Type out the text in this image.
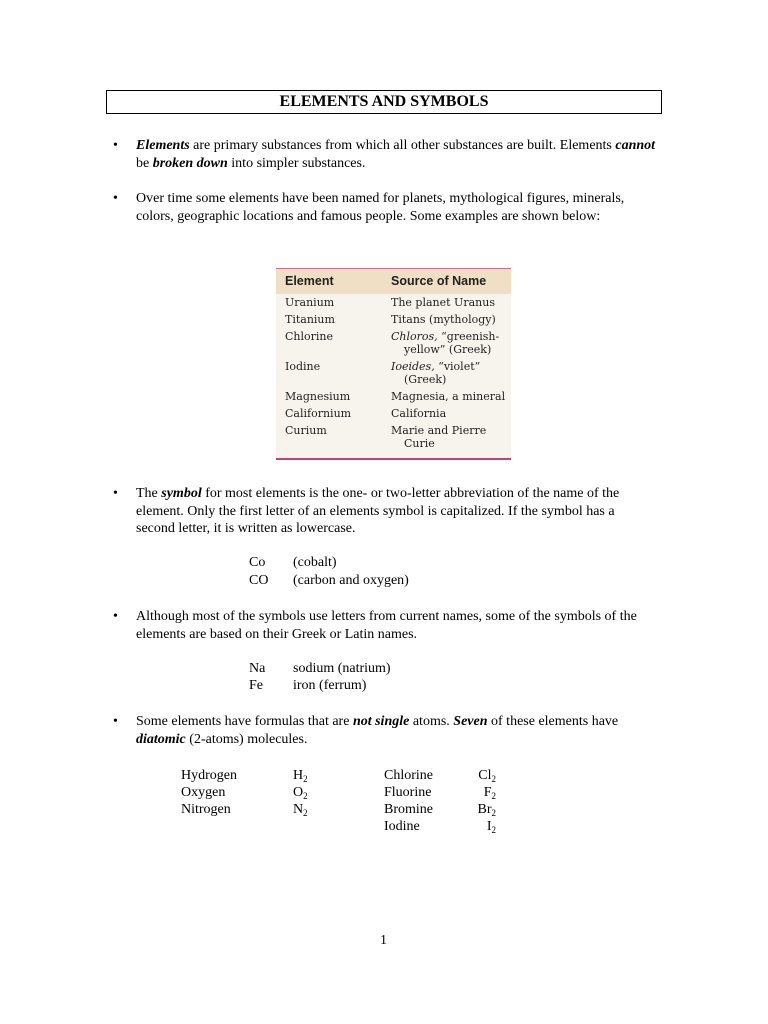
ELEMENTS AND SYMBOLS
•	Elements are primary substances from which all other substances are built. Elements cannot
be broken down into simpler substances.
•	Over time some elements have been named for planets, mythological figures, minerals,
colors, geographic locations and famous people. Some examples are shown below:
Element	Source of Name
Uranium	The planet Uranus
Titanium	Titans (mythology)
Chlorine	Chloros, “greenish-
yellow” (Greek)
Iodine	Ioeides, “violet”
(Greek)
Magnesium	Magnesia, a mineral
Californium	California
Curium	Marie and Pierre
Curie
•	The symbol for most elements is the one- or two-letter abbreviation of the name of the
element. Only the first letter of an elements symbol is capitalized. If the symbol has a
second letter, it is written as lowercase.
Co (cobalt)
CO (carbon and oxygen)
•	Although most of the symbols use letters from current names, some of the symbols of the
elements are based on their Greek or Latin names.
Na sodium (natrium)
Fe iron (ferrum)
•	Some elements have formulas that are not single atoms. Seven of these elements have
diatomic (2-atoms) molecules.
Hydrogen	$H_2$
Oxygen	$O_2$
Nitrogen	$N_2$
Chlorine	$Cl_2$
Fluorine	$F_2$
Bromine	$Br_2$
Iodine	$I_2$
1
